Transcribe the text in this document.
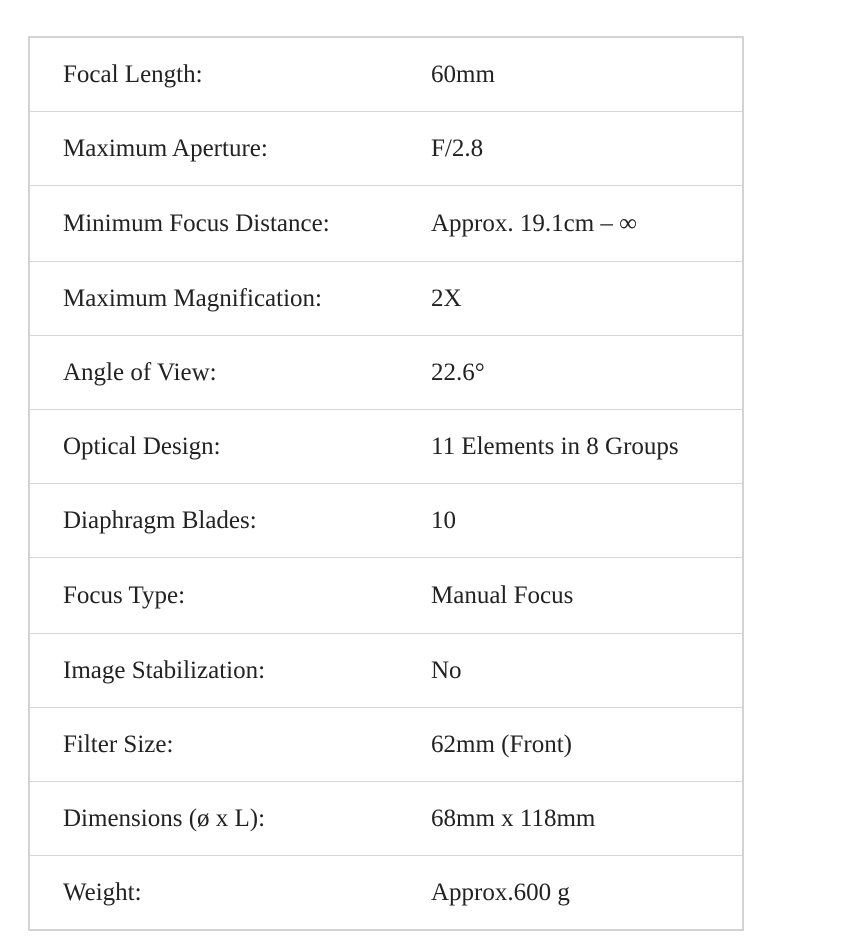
Focal Length:	60mm
Maximum Aperture:	F/2.8
Minimum Focus Distance:	Approx. 19.1cm – ∞
Maximum Magnification:	2X
Angle of View:	22.6°
Optical Design:	11 Elements in 8 Groups
Diaphragm Blades:	10
Focus Type:	Manual Focus
Image Stabilization:	No
Filter Size:	62mm (Front)
Dimensions (ø x L):	68mm x 118mm
Weight:	Approx.600 g
